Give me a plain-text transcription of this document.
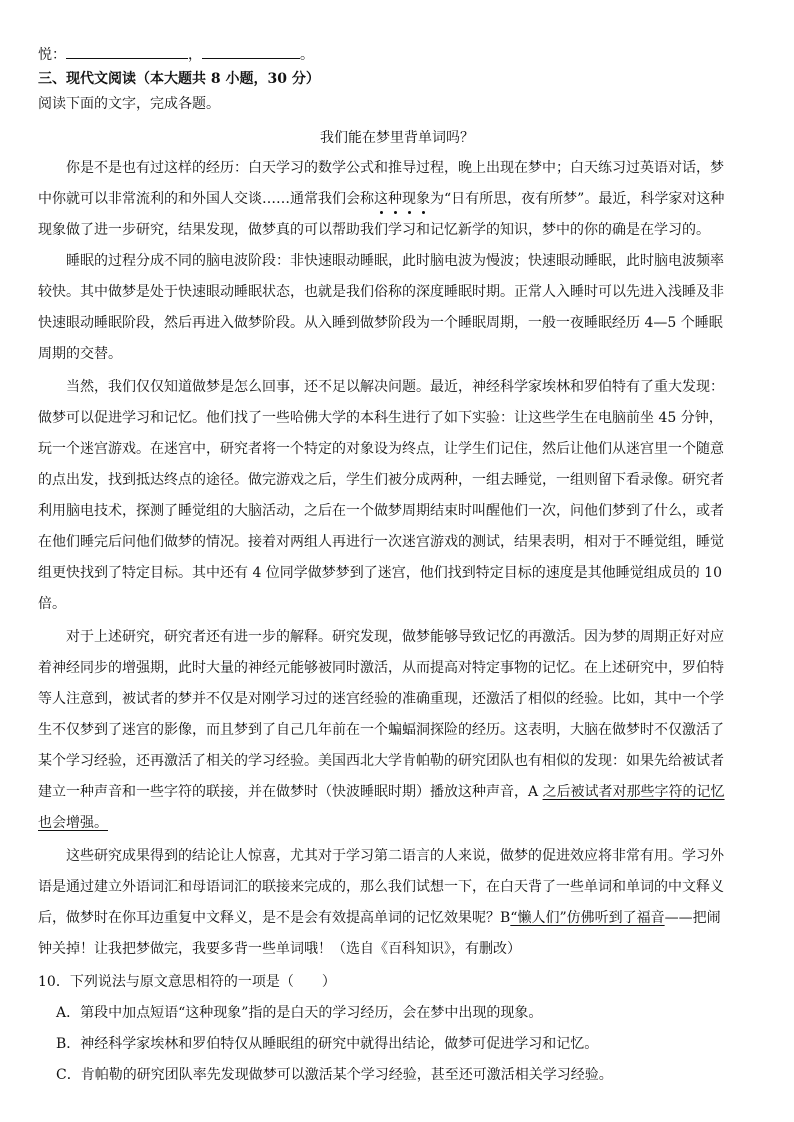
悦：	，	。
三、现代文阅读（本大题共 8 小题，30 分）
阅读下面的文字，完成各题。
我们能在梦里背单词吗？
你是不是也有过这样的经历：白天学习的数学公式和推导过程，晚上出现在梦中；白天练习过英语对话，梦
中你就可以非常流利的和外国人交谈……通常我们会称这种现象为“日有所思，夜有所梦”。最近，科学家对这种
现象做了进一步研究，结果发现，做梦真的可以帮助我们学习和记忆新学的知识，梦中的你的确是在学习的。
睡眠的过程分成不同的脑电波阶段：非快速眼动睡眠，此时脑电波为慢波；快速眼动睡眠，此时脑电波频率
较快。其中做梦是处于快速眼动睡眠状态，也就是我们俗称的深度睡眠时期。正常人入睡时可以先进入浅睡及非
快速眼动睡眠阶段，然后再进入做梦阶段。从入睡到做梦阶段为一个睡眠周期，一般一夜睡眠经历 4—5 个睡眠
周期的交替。
当然，我们仅仅知道做梦是怎么回事，还不足以解决问题。最近，神经科学家埃林和罗伯特有了重大发现：
做梦可以促进学习和记忆。他们找了一些哈佛大学的本科生进行了如下实验：让这些学生在电脑前坐 45 分钟，
玩一个迷宫游戏。在迷宫中，研究者将一个特定的对象设为终点，让学生们记住，然后让他们从迷宫里一个随意
的点出发，找到抵达终点的途径。做完游戏之后，学生们被分成两种，一组去睡觉，一组则留下看录像。研究者
利用脑电技术，探测了睡觉组的大脑活动，之后在一个做梦周期结束时叫醒他们一次，问他们梦到了什么，或者
在他们睡完后问他们做梦的情况。接着对两组人再进行一次迷宫游戏的测试，结果表明，相对于不睡觉组，睡觉
组更快找到了特定目标。其中还有 4 位同学做梦梦到了迷宫，他们找到特定目标的速度是其他睡觉组成员的 10
倍。
对于上述研究，研究者还有进一步的解释。研究发现，做梦能够导致记忆的再激活。因为梦的周期正好对应
着神经同步的增强期，此时大量的神经元能够被同时激活，从而提高对特定事物的记忆。在上述研究中，罗伯特
等人注意到，被试者的梦并不仅是对刚学习过的迷宫经验的准确重现，还激活了相似的经验。比如，其中一个学
生不仅梦到了迷宫的影像，而且梦到了自己几年前在一个蝙蝠洞探险的经历。这表明，大脑在做梦时不仅激活了
某个学习经验，还再激活了相关的学习经验。美国西北大学肯帕勒的研究团队也有相似的发现：如果先给被试者
建立一种声音和一些字符的联接，并在做梦时（快波睡眠时期）播放这种声音，A 之后被试者对那些字符的记忆
也会增强。
这些研究成果得到的结论让人惊喜，尤其对于学习第二语言的人来说，做梦的促进效应将非常有用。学习外
语是通过建立外语词汇和母语词汇的联接来完成的，那么我们试想一下，在白天背了一些单词和单词的中文释义
后，做梦时在你耳边重复中文释义，是不是会有效提高单词的记忆效果呢？B“懒人们”仿佛听到了福音——把闹
钟关掉！让我把梦做完，我要多背一些单词哦！（选自《百科知识》，有删改）
10．下列说法与原文意思相符的一项是（　　）
A．第段中加点短语“这种现象”指的是白天的学习经历，会在梦中出现的现象。
B．神经科学家埃林和罗伯特仅从睡眠组的研究中就得出结论，做梦可促进学习和记忆。
C．肯帕勒的研究团队率先发现做梦可以激活某个学习经验，甚至还可激活相关学习经验。
